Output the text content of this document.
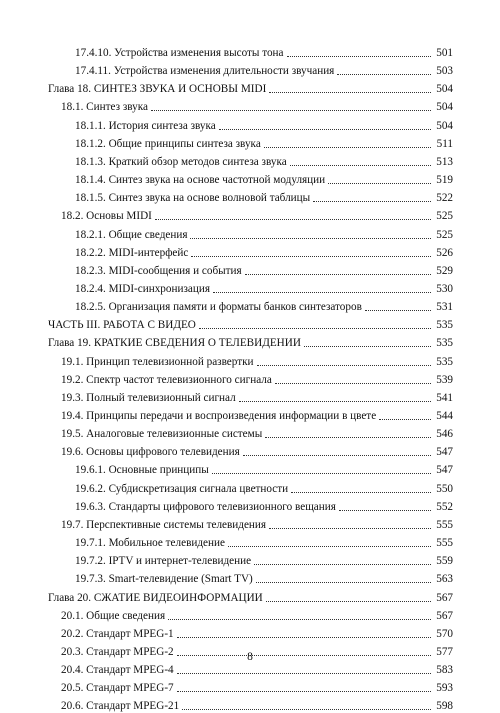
17.4.10. Устройства изменения высоты тона	501
17.4.11. Устройства изменения длительности звучания	503
Глава 18. СИНТЕЗ ЗВУКА И ОСНОВЫ MIDI	504
18.1. Синтез звука	504
18.1.1. История синтеза звука	504
18.1.2. Общие принципы синтеза звука	511
18.1.3. Краткий обзор методов синтеза звука	513
18.1.4. Синтез звука на основе частотной модуляции	519
18.1.5. Синтез звука на основе волновой таблицы	522
18.2. Основы MIDI	525
18.2.1. Общие сведения	525
18.2.2. MIDI-интерфейс	526
18.2.3. MIDI-сообщения и события	529
18.2.4. MIDI-синхронизация	530
18.2.5. Организация памяти и форматы банков синтезаторов	531
ЧАСТЬ III. РАБОТА С ВИДЕО	535
Глава 19. КРАТКИЕ СВЕДЕНИЯ О ТЕЛЕВИДЕНИИ	535
19.1. Принцип телевизионной развертки	535
19.2. Спектр частот телевизионного сигнала	539
19.3. Полный телевизионный сигнал	541
19.4. Принципы передачи и воспроизведения информации в цвете	544
19.5. Аналоговые телевизионные системы	546
19.6. Основы цифрового телевидения	547
19.6.1. Основные принципы	547
19.6.2. Субдискретизация сигнала цветности	550
19.6.3. Стандарты цифрового телевизионного вещания	552
19.7. Перспективные системы телевидения	555
19.7.1. Мобильное телевидение	555
19.7.2. IPTV и интернет-телевидение	559
19.7.3. Smart-телевидение (Smart TV)	563
Глава 20. СЖАТИЕ ВИДЕОИНФОРМАЦИИ	567
20.1. Общие сведения	567
20.2. Стандарт MPEG-1	570
20.3. Стандарт MPEG-2	577
20.4. Стандарт MPEG-4	583
20.5. Стандарт MPEG-7	593
20.6. Стандарт MPEG-21	598
8
